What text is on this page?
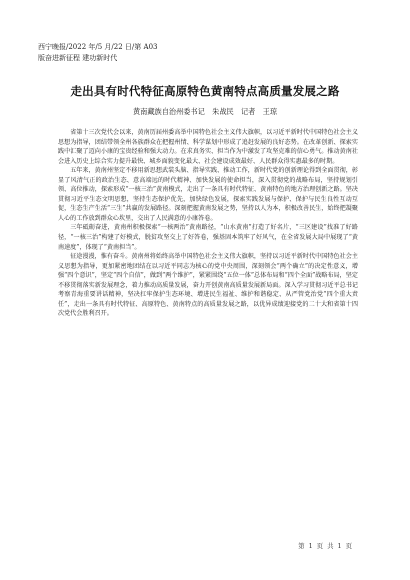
西宁晚报/2022 年/5 月/22 日/第 A03
版奋进新征程 建功新时代
走出具有时代特征高原特色黄南特点高质量发展之路
黄南藏族自治州委书记 朱战民 记者 王琼

省第十三次党代会以来，黄南历届州委高举中国特色社会主义伟大旗帜，以习近平新时代中国特色社会主义思想为指导，团结带领全州各族群众在把握州情、科学谋划中形成了追赶发展的良好态势。在改革创新、探索实践中汇聚了迈向小康的宝贵经验和强大动力。在求真务实、担当作为中激发了攻坚克难的信心勇气。推动黄南社会进入历史上综合实力提升最快、城乡面貌变化最大、社会建设成效最好、人民群众得实惠最多的时期。

五年来，黄南州坚定不移用新思想武装头脑、指导实践、推动工作，新时代党的创新理论得到全面贯彻，彰显了风清气正的政治生态、意高端远的时代精神、加快发展的使命担当，深入贯彻党的战略布局，坚持规划引领、高位推动，探索形成“一核三治”黄南模式，走出了一条具有时代特征、黄南特色的地方治理创新之路。坚决贯彻习近平生态文明思想，坚持生态保护优先，加快绿色发展，探索实践发展与保护、保护与民生良性互动互促，生态生产生活“三生”共赢的发展路径。深刻把握黄南发展之势，坚持以人为本，积极改善民生，始终把凝聚人心的工作放到群众心坎里，交出了人民满意的小康答卷。

三年砥砺奋进，黄南州积极探索“一核两治”黄南路径，“山水黄南”打造了好名片，“三区建设”找准了好路径，“一核三治”构建了好模式，脱贫攻坚交上了好答卷，强基固本筑牢了好风气，在全省发展大局中展现了“黄南速度”，体现了“黄南担当”。

征途漫漫，惟有奋斗。黄南州将始终高举中国特色社会主义伟大旗帜，坚持以习近平新时代中国特色社会主义思想为指导，更加紧密地团结在以习近平同志为核心的党中央周围，深刻领会“两个确立”的决定性意义，增强“四个意识”，坚定“四个自信”，做到“两个维护”，紧紧围绕“五位一体”总体布局和“四个全面”战略布局，坚定不移贯彻落实新发展理念，着力推动高质量发展，奋力开创黄南高质量发展新局面。深入学习贯彻习近平总书记考察青海重要讲话精神，坚决扛牢保护生态环境、增进民生福祉、维护和谐稳定、从严管党治党“四个重大责任”，走出一条具有时代特征、高原特色、黄南特点的高质量发展之路，以优异成绩迎接党的二十大和省第十四次党代会胜利召开。

第 1 页 共 1 页
